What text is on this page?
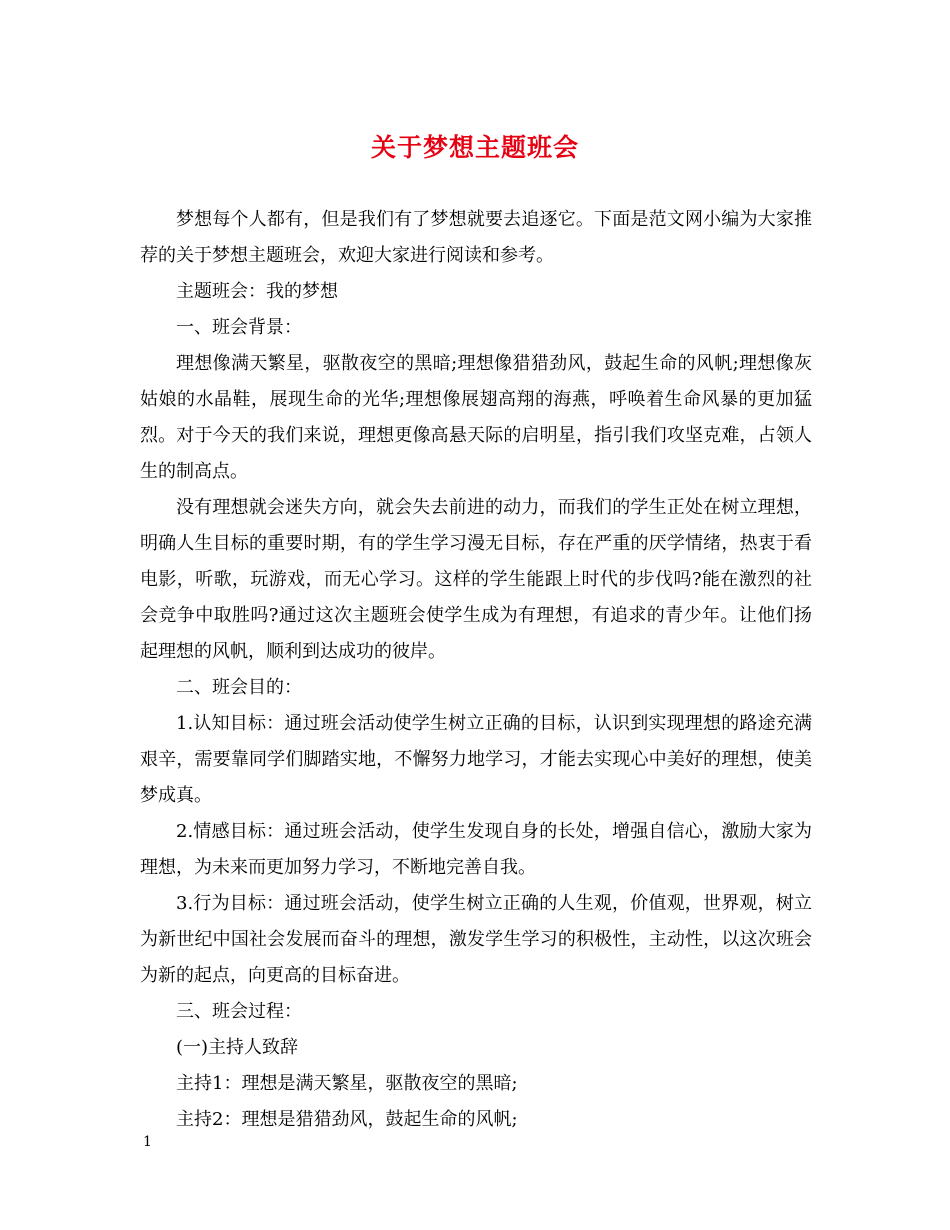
关于梦想主题班会

梦想每个人都有，但是我们有了梦想就要去追逐它。下面是范文网小编为大家推荐的关于梦想主题班会，欢迎大家进行阅读和参考。

主题班会：我的梦想

一、班会背景：

理想像满天繁星，驱散夜空的黑暗;理想像猎猎劲风，鼓起生命的风帆;理想像灰姑娘的水晶鞋，展现生命的光华;理想像展翅高翔的海燕，呼唤着生命风暴的更加猛烈。对于今天的我们来说，理想更像高悬天际的启明星，指引我们攻坚克难，占领人生的制高点。

没有理想就会迷失方向，就会失去前进的动力，而我们的学生正处在树立理想，明确人生目标的重要时期，有的学生学习漫无目标，存在严重的厌学情绪，热衷于看电影，听歌，玩游戏，而无心学习。这样的学生能跟上时代的步伐吗?能在激烈的社会竞争中取胜吗?通过这次主题班会使学生成为有理想，有追求的青少年。让他们扬起理想的风帆，顺利到达成功的彼岸。

二、班会目的：

1.认知目标：通过班会活动使学生树立正确的目标，认识到实现理想的路途充满艰辛，需要靠同学们脚踏实地，不懈努力地学习，才能去实现心中美好的理想，使美梦成真。

2.情感目标：通过班会活动，使学生发现自身的长处，增强自信心，激励大家为理想，为未来而更加努力学习，不断地完善自我。

3.行为目标：通过班会活动，使学生树立正确的人生观，价值观，世界观，树立为新世纪中国社会发展而奋斗的理想，激发学生学习的积极性，主动性，以这次班会为新的起点，向更高的目标奋进。

三、班会过程：

(一)主持人致辞

主持1：理想是满天繁星，驱散夜空的黑暗;

主持2：理想是猎猎劲风，鼓起生命的风帆;

1
